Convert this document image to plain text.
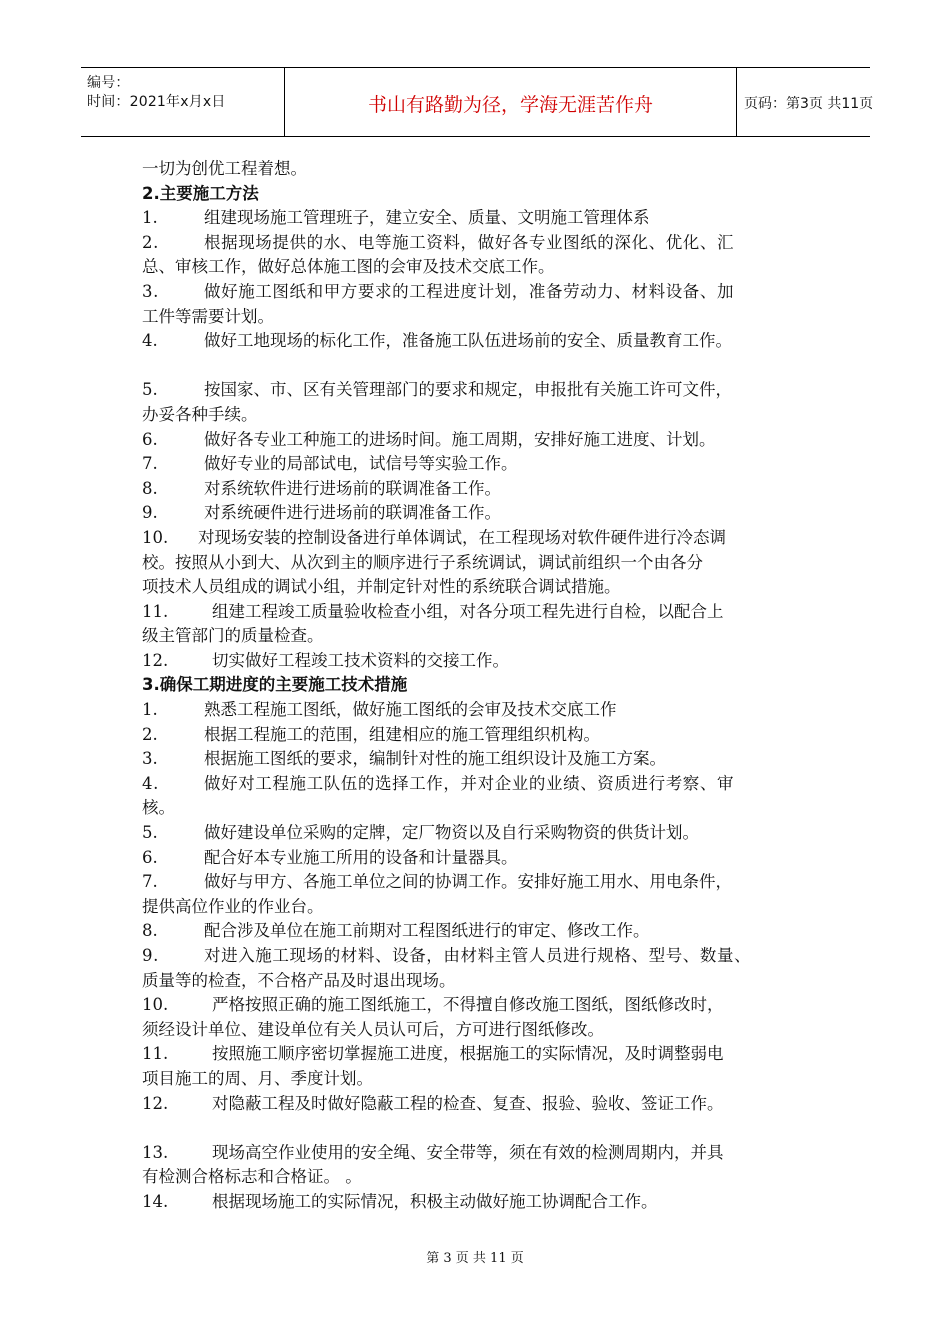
编号：
时间：2021年x月x日	书山有路勤为径，学海无涯苦作舟	页码：第3页 共11页
一切为创优工程着想。
2.主要施工方法
1.	组建现场施工管理班子，建立安全、质量、文明施工管理体系
2.	根据现场提供的水、电等施工资料，做好各专业图纸的深化、优化、汇
总、审核工作，做好总体施工图的会审及技术交底工作。
3.	做好施工图纸和甲方要求的工程进度计划，准备劳动力、材料设备、加
工件等需要计划。
4.	做好工地现场的标化工作，准备施工队伍进场前的安全、质量教育工作。
5.	按国家、市、区有关管理部门的要求和规定，申报批有关施工许可文件，
办妥各种手续。
6.	做好各专业工种施工的进场时间。施工周期，安排好施工进度、计划。
7.	做好专业的局部试电，试信号等实验工作。
8.	对系统软件进行进场前的联调准备工作。
9.	对系统硬件进行进场前的联调准备工作。
10. 对现场安装的控制设备进行单体调试，在工程现场对软件硬件进行冷态调
校。按照从小到大、从次到主的顺序进行子系统调试，调试前组织一个由各分
项技术人员组成的调试小组，并制定针对性的系统联合调试措施。
11.	组建工程竣工质量验收检查小组，对各分项工程先进行自检，以配合上
级主管部门的质量检查。
12.	切实做好工程竣工技术资料的交接工作。
3.确保工期进度的主要施工技术措施
1.	熟悉工程施工图纸，做好施工图纸的会审及技术交底工作
2.	根据工程施工的范围，组建相应的施工管理组织机构。
3.	根据施工图纸的要求，编制针对性的施工组织设计及施工方案。
4.	做好对工程施工队伍的选择工作，并对企业的业绩、资质进行考察、审
核。
5.	做好建设单位采购的定牌，定厂物资以及自行采购物资的供货计划。
6.	配合好本专业施工所用的设备和计量器具。
7.	做好与甲方、各施工单位之间的协调工作。安排好施工用水、用电条件，
提供高位作业的作业台。
8.	配合涉及单位在施工前期对工程图纸进行的审定、修改工作。
9.	对进入施工现场的材料、设备，由材料主管人员进行规格、型号、数量、
质量等的检查，不合格产品及时退出现场。
10.	严格按照正确的施工图纸施工，不得擅自修改施工图纸，图纸修改时，
须经设计单位、建设单位有关人员认可后，方可进行图纸修改。
11.	按照施工顺序密切掌握施工进度，根据施工的实际情况，及时调整弱电
项目施工的周、月、季度计划。
12.	对隐蔽工程及时做好隐蔽工程的检查、复查、报验、验收、签证工作。
13.	现场高空作业使用的安全绳、安全带等，须在有效的检测周期内，并具
有检测合格标志和合格证。 。
14.	根据现场施工的实际情况，积极主动做好施工协调配合工作。
第 3 页 共 11 页
